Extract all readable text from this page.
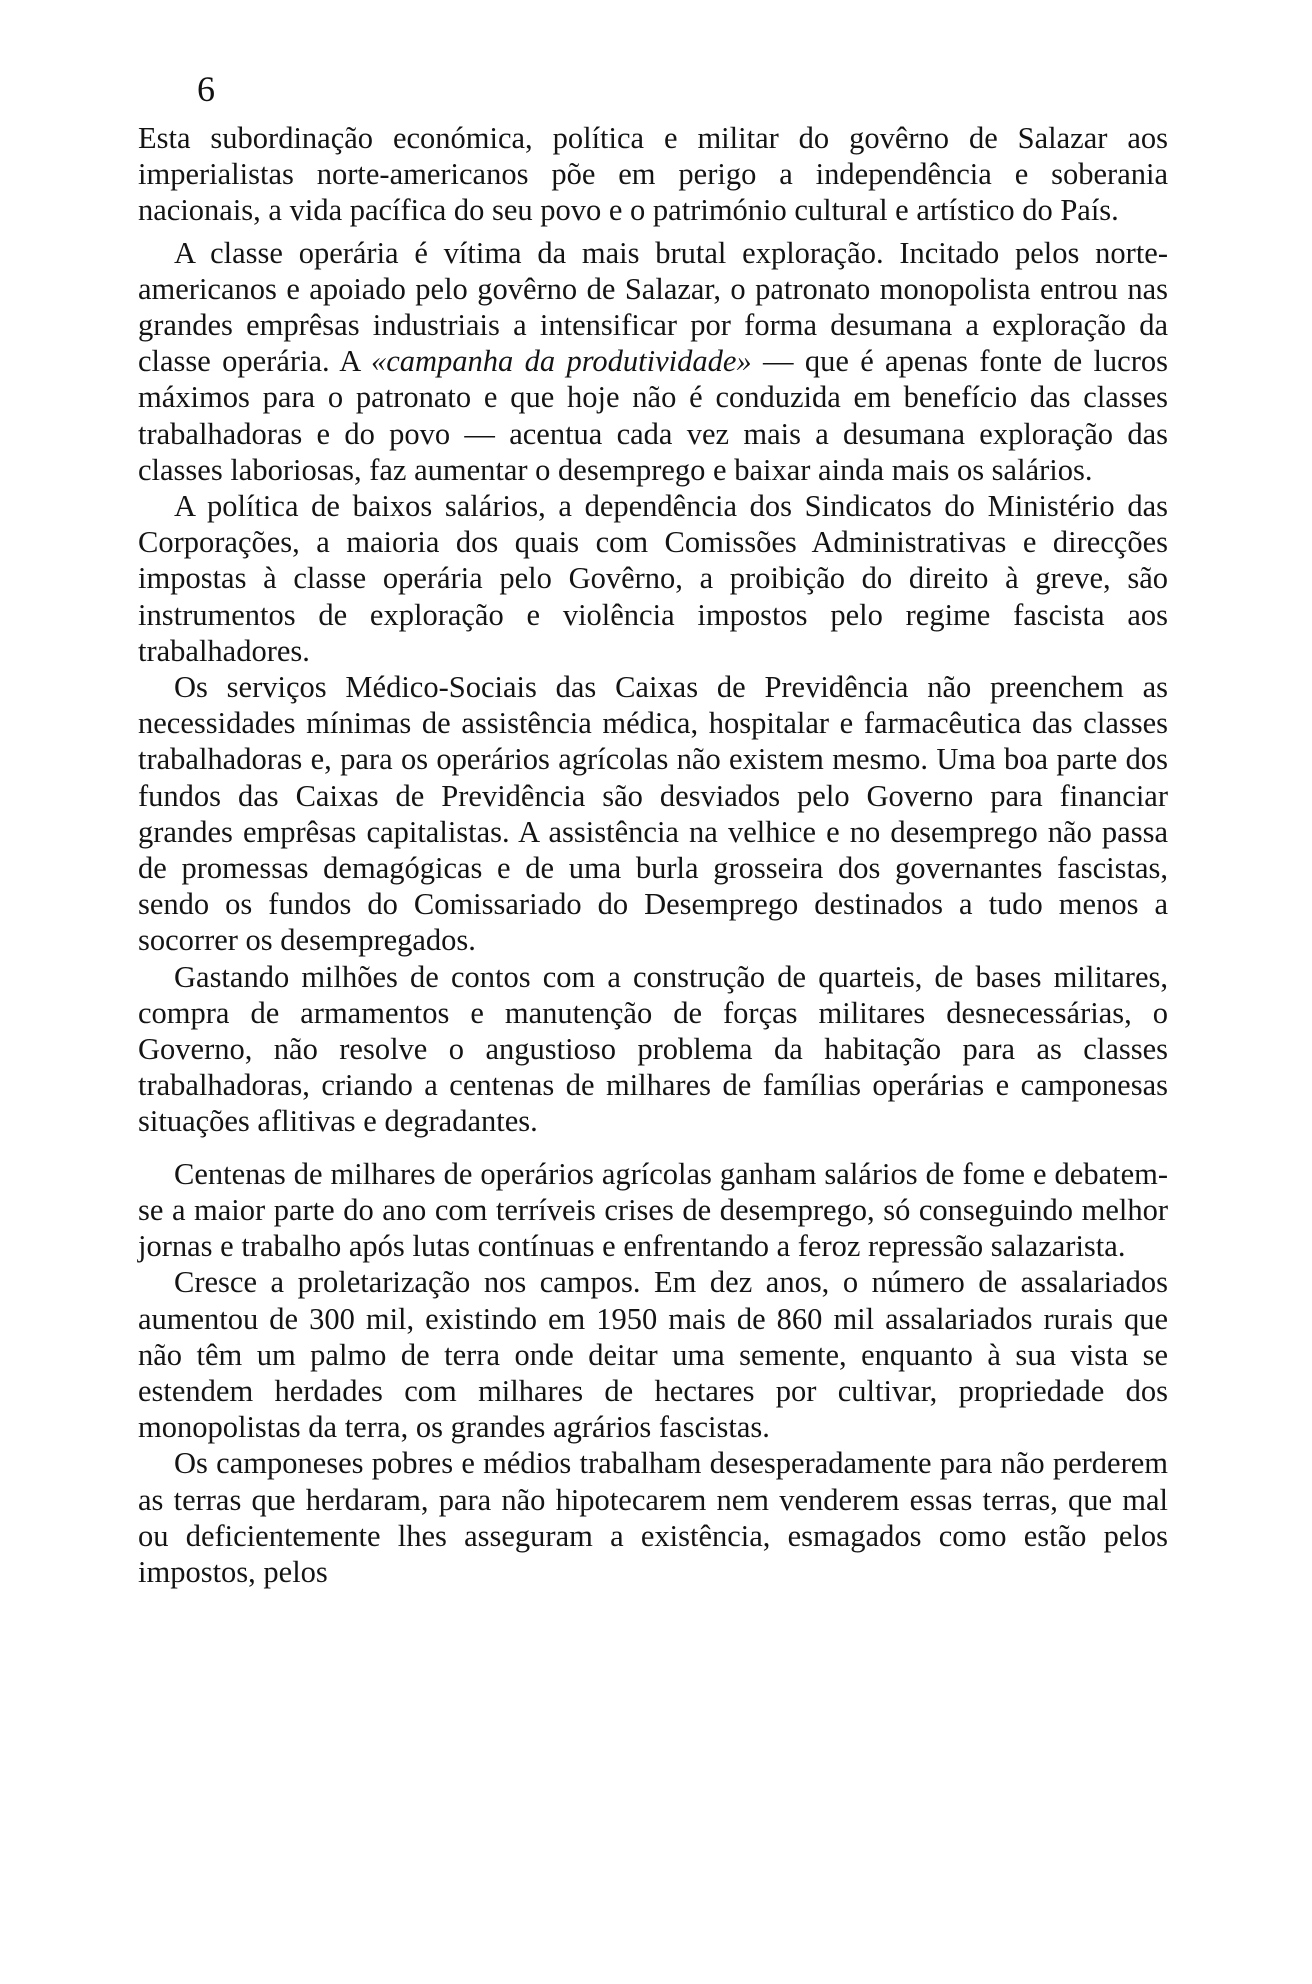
6

Esta subordinação económica, política e militar do govêrno de Salazar aos imperialistas norte-americanos põe em perigo a independência e soberania nacionais, a vida pacífica do seu povo e o património cultural e artístico do País.

A classe operária é vítima da mais brutal exploração. Incitado pelos norte-americanos e apoiado pelo govêrno de Salazar, o patronato monopolista entrou nas grandes emprêsas industriais a intensificar por forma desumana a exploração da classe operária. A «campanha da produtividade» — que é apenas fonte de lucros máximos para o patronato e que hoje não é conduzida em benefício das classes trabalhadoras e do povo — acentua cada vez mais a desumana exploração das classes laboriosas, faz aumentar o desemprego e baixar ainda mais os salários.

A política de baixos salários, a dependência dos Sindicatos do Ministério das Corporações, a maioria dos quais com Comissões Administrativas e direcções impostas à classe operária pelo Govêrno, a proibição do direito à greve, são instrumentos de exploração e violência impostos pelo regime fascista aos trabalhadores.

Os serviços Médico-Sociais das Caixas de Previdência não preenchem as necessidades mínimas de assistência médica, hospitalar e farmacêutica das classes trabalhadoras e, para os operários agrícolas não existem mesmo. Uma boa parte dos fundos das Caixas de Previdência são desviados pelo Governo para financiar grandes emprêsas capitalistas. A assistência na velhice e no desemprego não passa de promessas demagógicas e de uma burla grosseira dos governantes fascistas, sendo os fundos do Comissariado do Desemprego destinados a tudo menos a socorrer os desempregados.

Gastando milhões de contos com a construção de quarteis, de bases militares, compra de armamentos e manutenção de forças militares desnecessárias, o Governo, não resolve o angustioso problema da habitação para as classes trabalhadoras, criando a centenas de milhares de famílias operárias e camponesas situações aflitivas e degradantes.

Centenas de milhares de operários agrícolas ganham salários de fome e debatem-se a maior parte do ano com terríveis crises de desemprego, só conseguindo melhor jornas e trabalho após lutas contínuas e enfrentando a feroz repressão salazarista.

Cresce a proletarização nos campos. Em dez anos, o número de assalariados aumentou de 300 mil, existindo em 1950 mais de 860 mil assalariados rurais que não têm um palmo de terra onde deitar uma semente, enquanto à sua vista se estendem herdades com milhares de hectares por cultivar, propriedade dos monopolistas da terra, os grandes agrários fascistas.

Os camponeses pobres e médios trabalham desesperadamente para não perderem as terras que herdaram, para não hipotecarem nem venderem essas terras, que mal ou deficientemente lhes asseguram a existência, esmagados como estão pelos impostos, pelos
